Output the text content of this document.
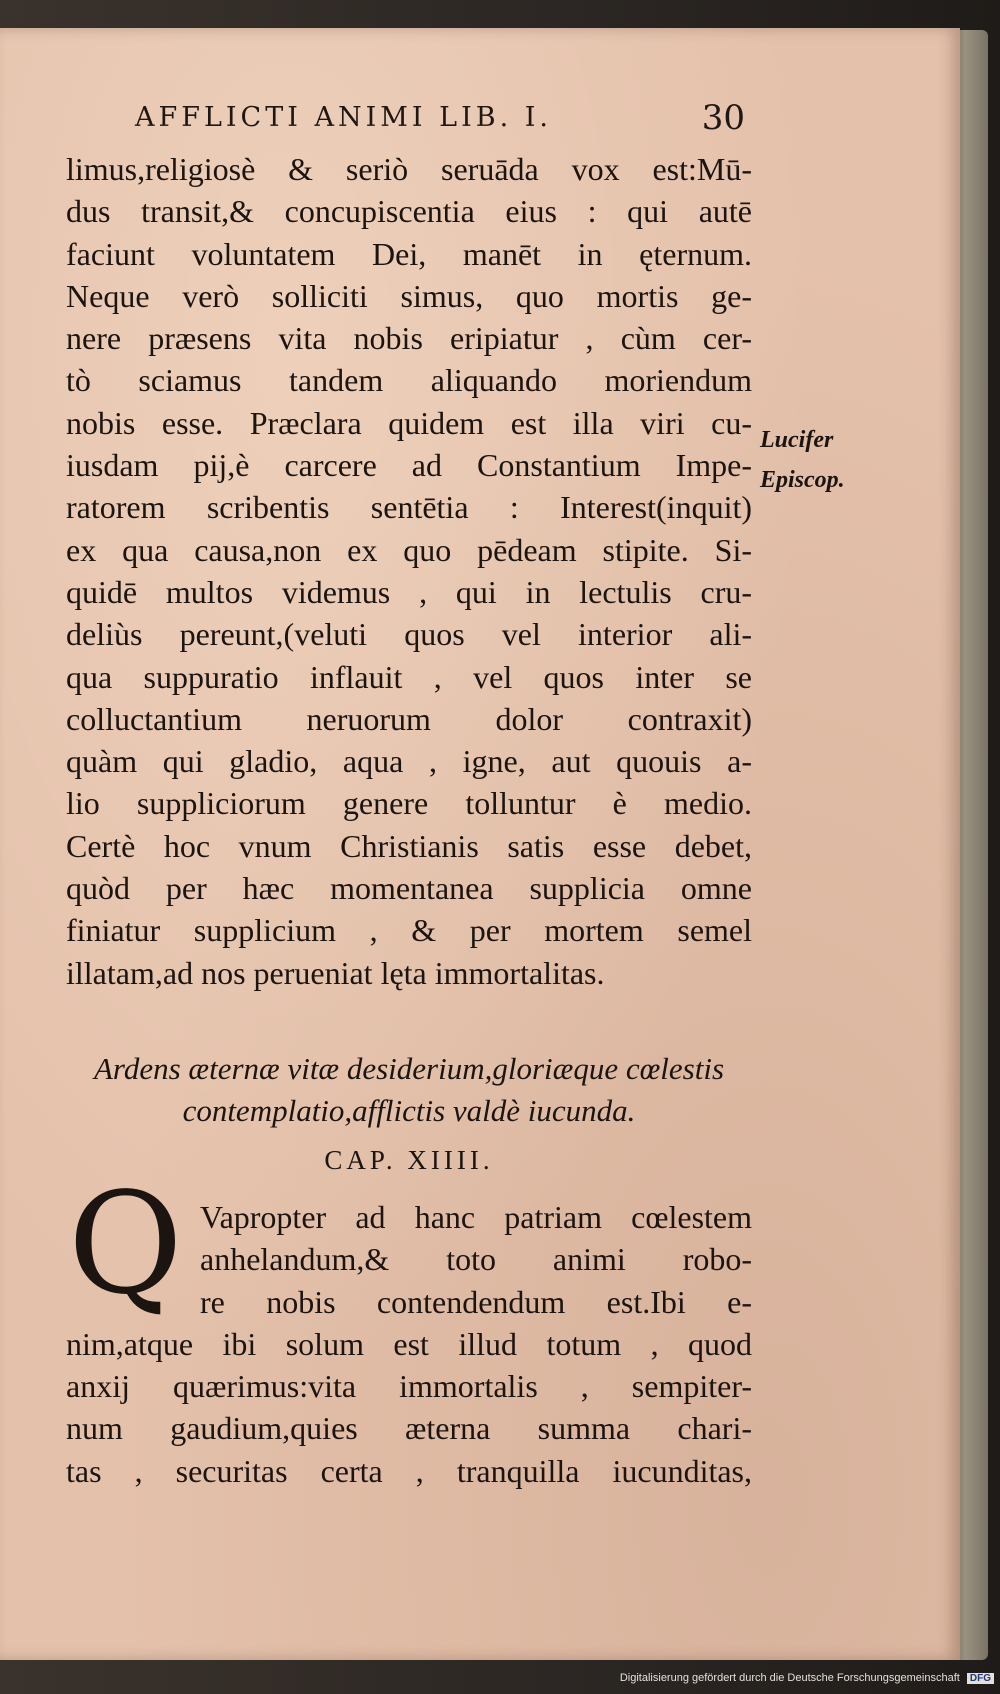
AFFLICTI ANIMI LIB. I.	30
limus,religiosè & seriò seruāda vox est:Mū-
dus transit,& concupiscentia eius : qui autē
faciunt voluntatem Dei, manēt in ęternum.
Neque verò solliciti simus, quo mortis ge-
nere præsens vita nobis eripiatur , cùm cer-
tò sciamus tandem aliquando moriendum
nobis esse. Præclara quidem est illa viri cu-
iusdam pij,è carcere ad Constantium Impe-
ratorem scribentis sentētia : Interest(inquit)
ex qua causa,non ex quo pēdeam stipite. Si-
quidē multos videmus , qui in lectulis cru-
deliùs pereunt,(veluti quos vel interior ali-
qua suppuratio inflauit , vel quos inter se
colluctantium neruorum dolor contraxit)
quàm qui gladio, aqua , igne, aut quouis a-
lio suppliciorum genere tolluntur è medio.
Certè hoc vnum Christianis satis esse debet,
quòd per hæc momentanea supplicia omne
finiatur supplicium , & per mortem semel
illatam,ad nos perueniat lęta immortalitas.
Lucifer
Episcop.
Ardens æternæ vitæ desiderium,gloriæque cœlestis
contemplatio,afflictis valdè iucunda.
CAP. XIIII.
Q Vapropter ad hanc patriam cœlestem
anhelandum,& toto animi robo-
re nobis contendendum est.Ibi e-
nim,atque ibi solum est illud totum , quod
anxij quærimus:vita immortalis , sempiter-
num gaudium,quies æterna summa chari-
tas , securitas certa , tranquilla iucunditas,
Digitalisierung gefördert durch die Deutsche Forschungsgemeinschaft DFG
